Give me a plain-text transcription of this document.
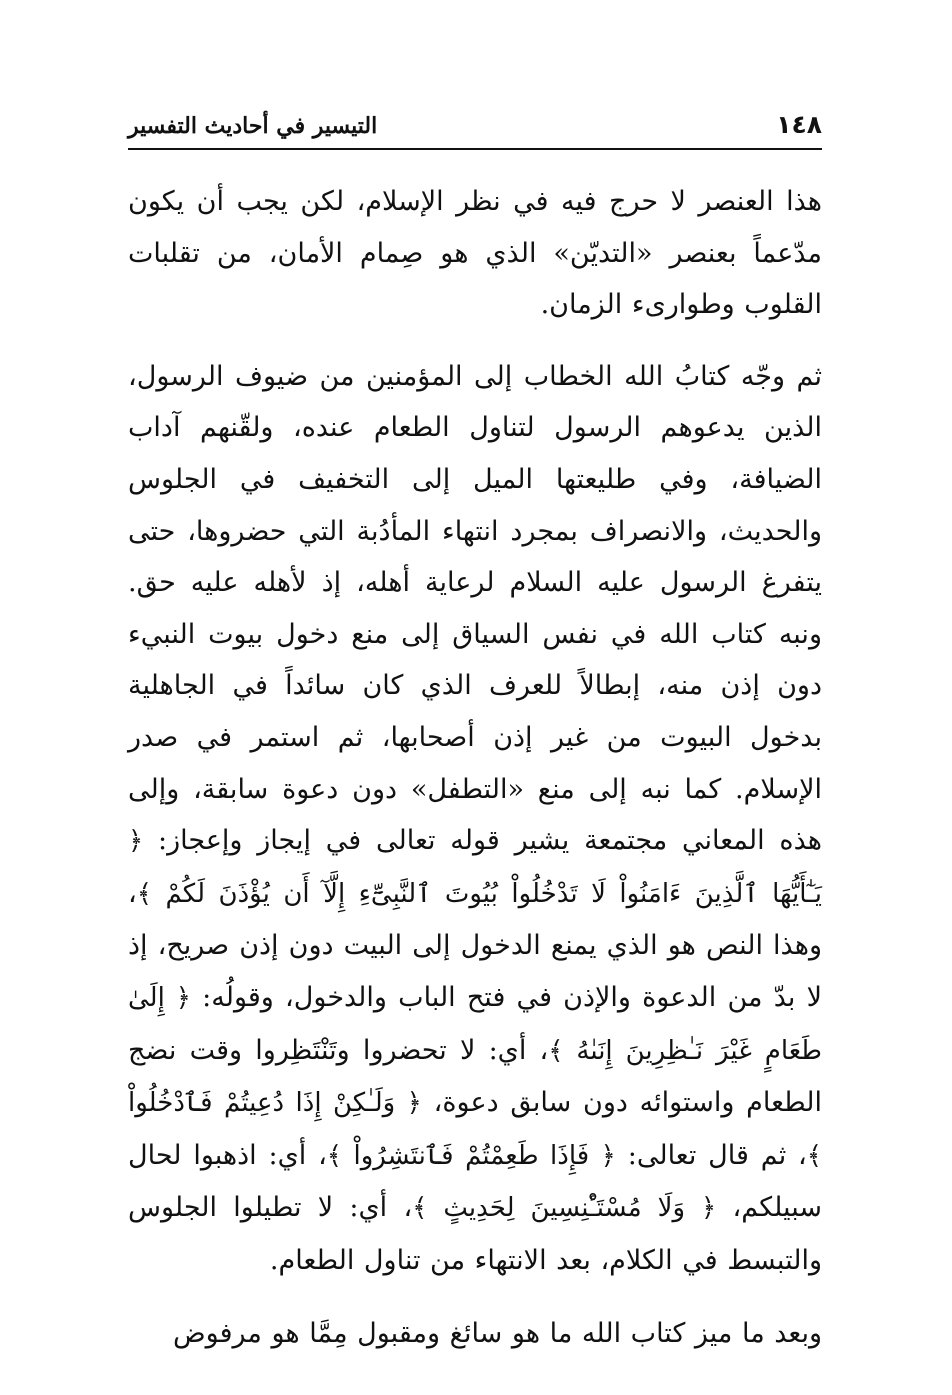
١٤٨
التيسير في أحاديث التفسير

هذا العنصر لا حرج فيه في نظر الإسلام، لكن يجب أن يكون مدّعماً بعنصر «التديّن» الذي هو صِمام الأمان، من تقلبات القلوب وطوارىء الزمان.

ثم وجّه كتابُ الله الخطاب إلى المؤمنين من ضيوف الرسول، الذين يدعوهم الرسول لتناول الطعام عنده، ولقّنهم آداب الضيافة، وفي طليعتها الميل إلى التخفيف في الجلوس والحديث، والانصراف بمجرد انتهاء المأدُبة التي حضروها، حتى يتفرغ الرسول عليه السلام لرعاية أهله، إذ لأهله عليه حق. ونبه كتاب الله في نفس السياق إلى منع دخول بيوت النبيء دون إذن منه، إبطالاً للعرف الذي كان سائداً في الجاهلية بدخول البيوت من غير إذن أصحابها، ثم استمر في صدر الإسلام. كما نبه إلى منع «التطفل» دون دعوة سابقة، وإلى هذه المعاني مجتمعة يشير قوله تعالى في إيجاز وإعجاز: ﴿ يَـٰٓأَيُّهَا ٱلَّذِينَ ءَامَنُواْ لَا تَدْخُلُواْ بُيُوتَ ٱلنَّبِىِّٓءِ إِلَّآ أَن يُؤْذَنَ لَكُمْ ﴾، وهذا النص هو الذي يمنع الدخول إلى البيت دون إذن صريح، إذ لا بدّ من الدعوة والإذن في فتح الباب والدخول، وقولُه: ﴿ إِلَىٰ طَعَامٍ غَيْرَ نَـٰظِرِينَ إِنَىٰهُ ﴾، أي: لا تحضروا وتَنْتَظِروا وقت نضج الطعام واستوائه دون سابق دعوة، ﴿ وَلَـٰكِنْ إِذَا دُعِيتُمْ فَٱدْخُلُواْ ﴾، ثم قال تعالى: ﴿ فَإِذَا طَعِمْتُمْ فَٱنتَشِرُواْ ﴾، أي: اذهبوا لحال سبيلكم، ﴿ وَلَا مُسْتَـْٔنِسِينَ لِحَدِيثٍ ﴾، أي: لا تطيلوا الجلوس والتبسط في الكلام، بعد الانتهاء من تناول الطعام.

وبعد ما ميز كتاب الله ما هو سائغ ومقبول مِمَّا هو مرفوض
